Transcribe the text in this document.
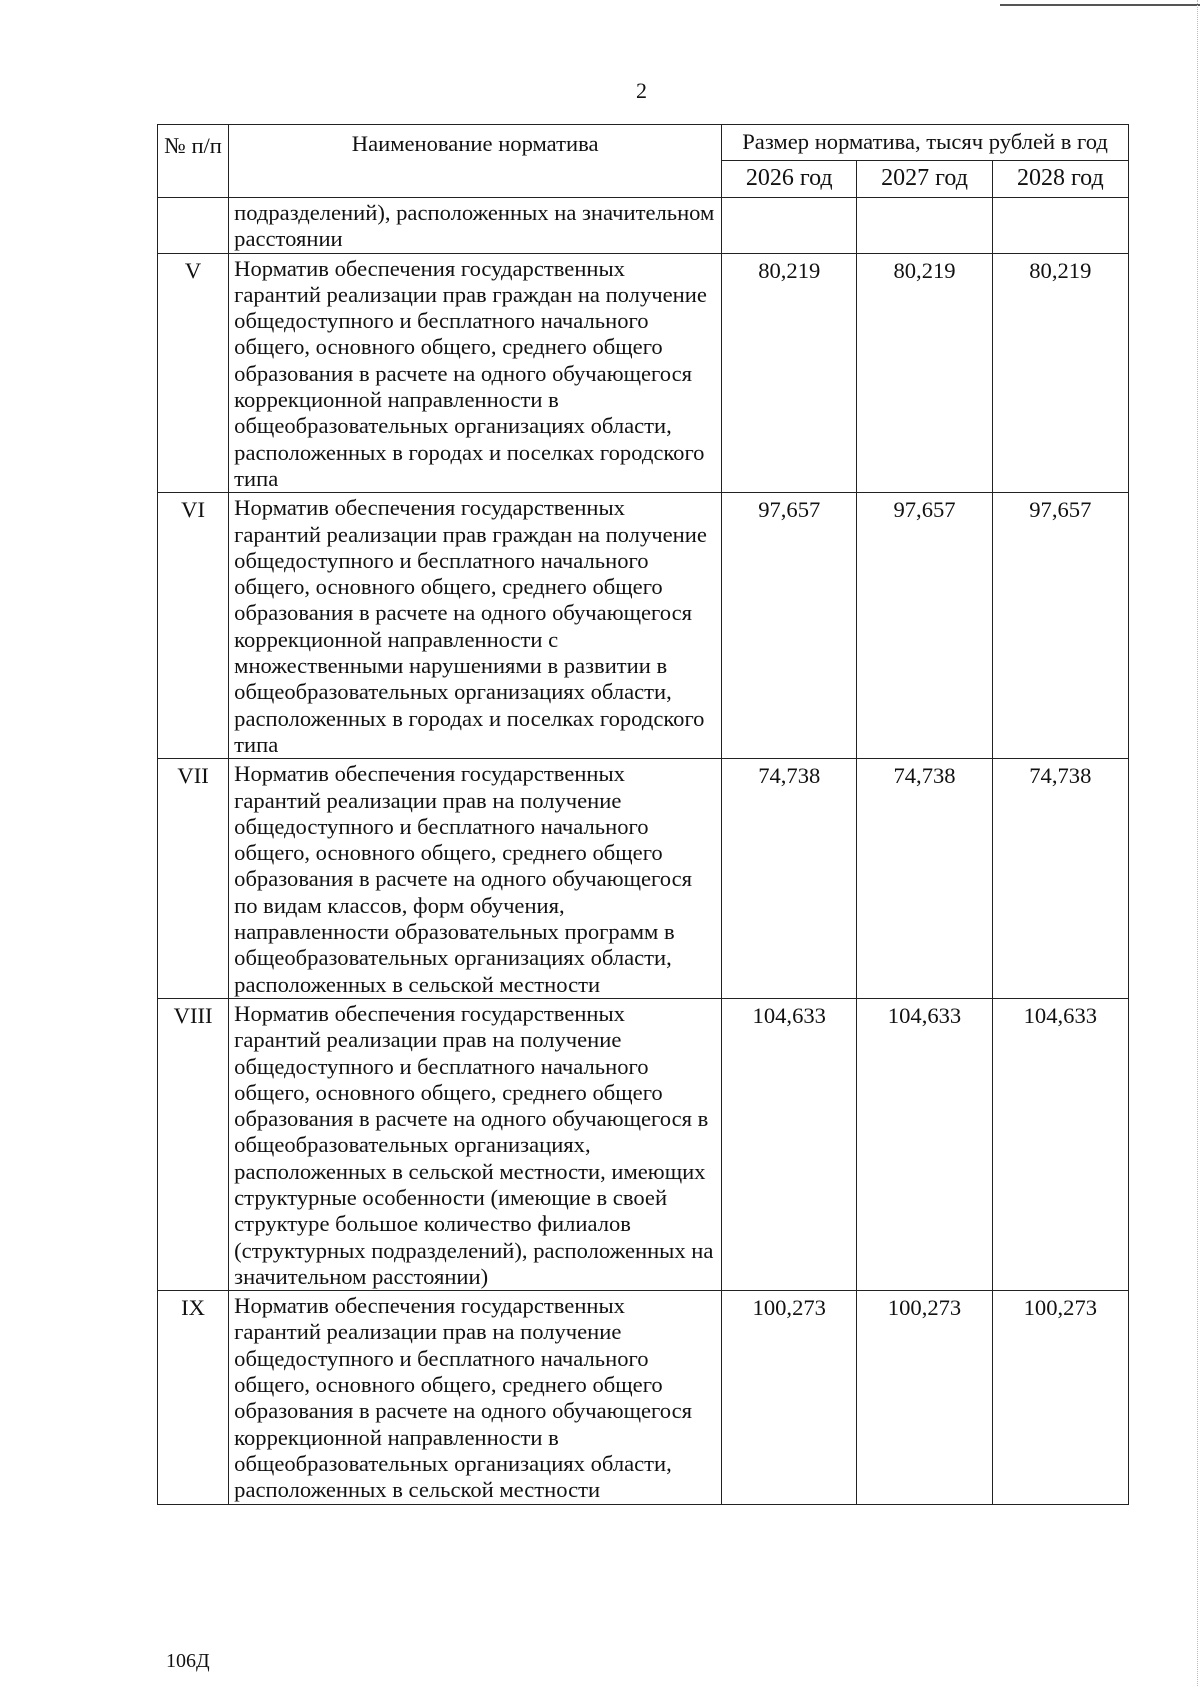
2
№ п/п	Наименование норматива	Размер норматива, тысяч рублей в год		
		2026 год	2027 год	2028 год
	подразделений), расположенных на значительном расстоянии			
V	Норматив обеспечения государственных гарантий реализации прав граждан на получение общедоступного и бесплатного начального общего, основного общего, среднего общего образования в расчете на одного обучающегося коррекционной направленности в общеобразовательных организациях области, расположенных в городах и поселках городского типа	80,219	80,219	80,219
VI	Норматив обеспечения государственных гарантий реализации прав граждан на получение общедоступного и бесплатного начального общего, основного общего, среднего общего образования в расчете на одного обучающегося коррекционной направленности с множественными нарушениями в развитии в общеобразовательных организациях области, расположенных в городах и поселках городского типа	97,657	97,657	97,657
VII	Норматив обеспечения государственных гарантий реализации прав на получение общедоступного и бесплатного начального общего, основного общего, среднего общего образования в расчете на одного обучающегося по видам классов, форм обучения, направленности образовательных программ в общеобразовательных организациях области, расположенных в сельской местности	74,738	74,738	74,738
VIII	Норматив обеспечения государственных гарантий реализации прав на получение общедоступного и бесплатного начального общего, основного общего, среднего общего образования в расчете на одного обучающегося в общеобразовательных организациях, расположенных в сельской местности, имеющих структурные особенности (имеющие в своей структуре большое количество филиалов (структурных подразделений), расположенных на значительном расстоянии)	104,633	104,633	104,633
IX	Норматив обеспечения государственных гарантий реализации прав на получение общедоступного и бесплатного начального общего, основного общего, среднего общего образования в расчете на одного обучающегося коррекционной направленности в общеобразовательных организациях области, расположенных в сельской местности	100,273	100,273	100,273
106Д
